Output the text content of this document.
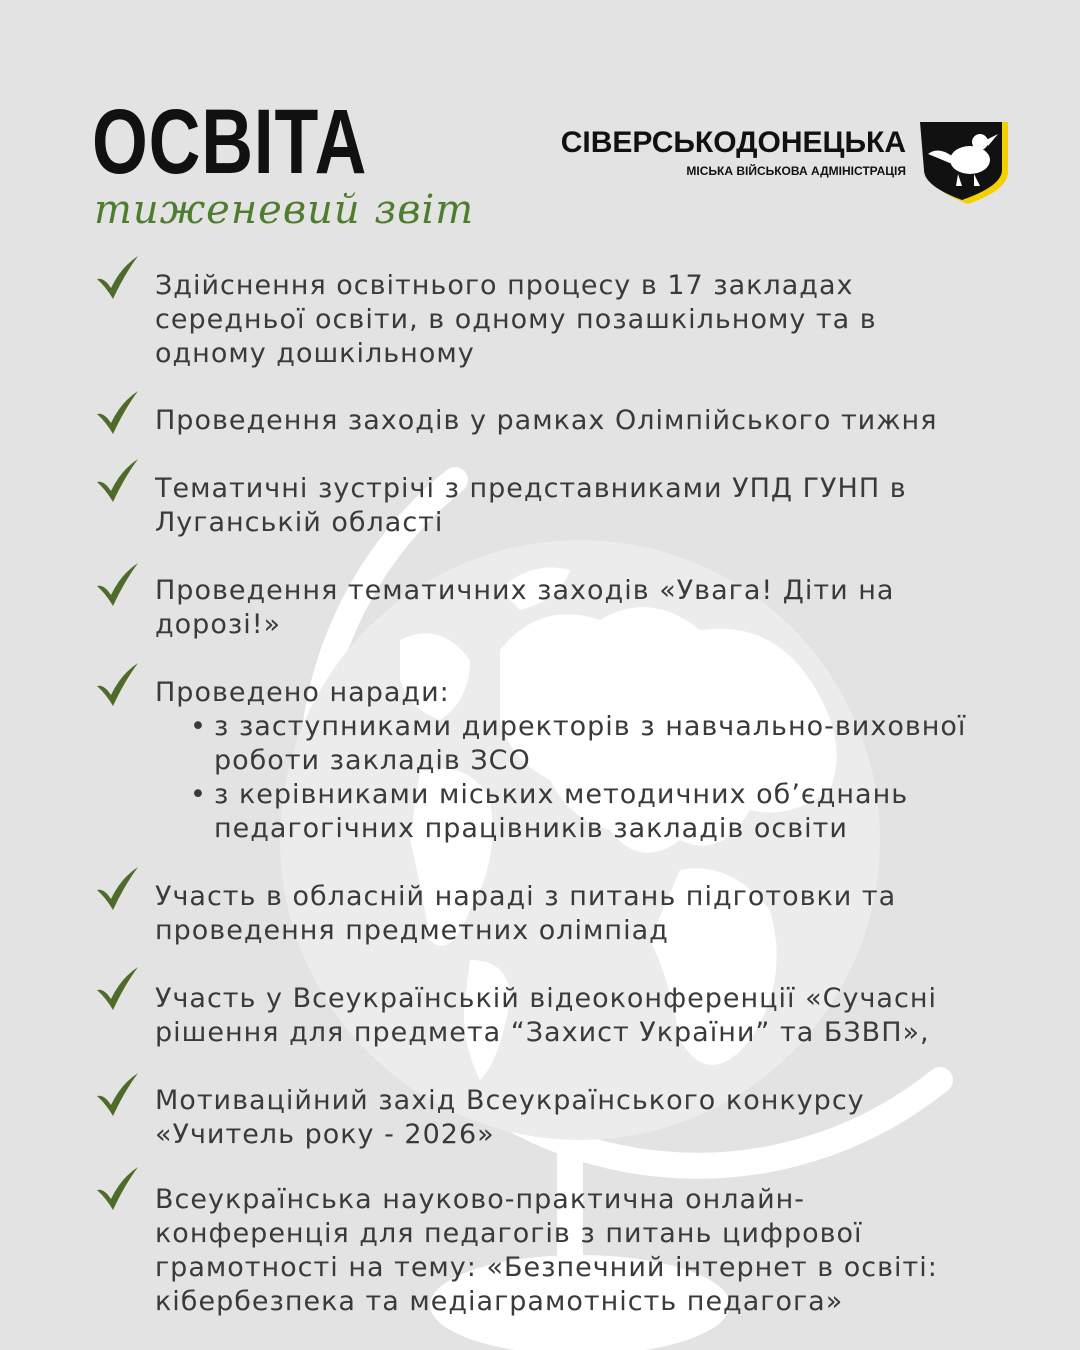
ОСВІТА
тиженевий звіт
СІВЕРСЬКОДОНЕЦЬКА
МІСЬКА ВІЙСЬКОВА АДМІНІСТРАЦІЯ
Здійснення освітнього процесу в 17 закладах
середньої освіти, в одному позашкільному та в
одному дошкільному
Проведення заходів у рамках Олімпійського тижня
Тематичні зустрічі з представниками УПД ГУНП в
Луганській області
Проведення тематичних заходів «Увага! Діти на
дорозі!»
Проведено наради:
• з заступниками директорів з навчально-виховної роботи закладів ЗСО
• з керівниками міських методичних об’єднань педагогічних працівників закладів освіти
Участь в обласній нараді з питань підготовки та
проведення предметних олімпіад
Участь у Всеукраїнській відеоконференції «Сучасні
рішення для предмета “Захист України” та БЗВП»,
Мотиваційний захід Всеукраїнського конкурсу
«Учитель року - 2026»
Всеукраїнська науково-практична онлайн-
конференція для педагогів з питань цифрової
грамотності на тему: «Безпечний інтернет в освіті:
кібербезпека та медіаграмотність педагога»
